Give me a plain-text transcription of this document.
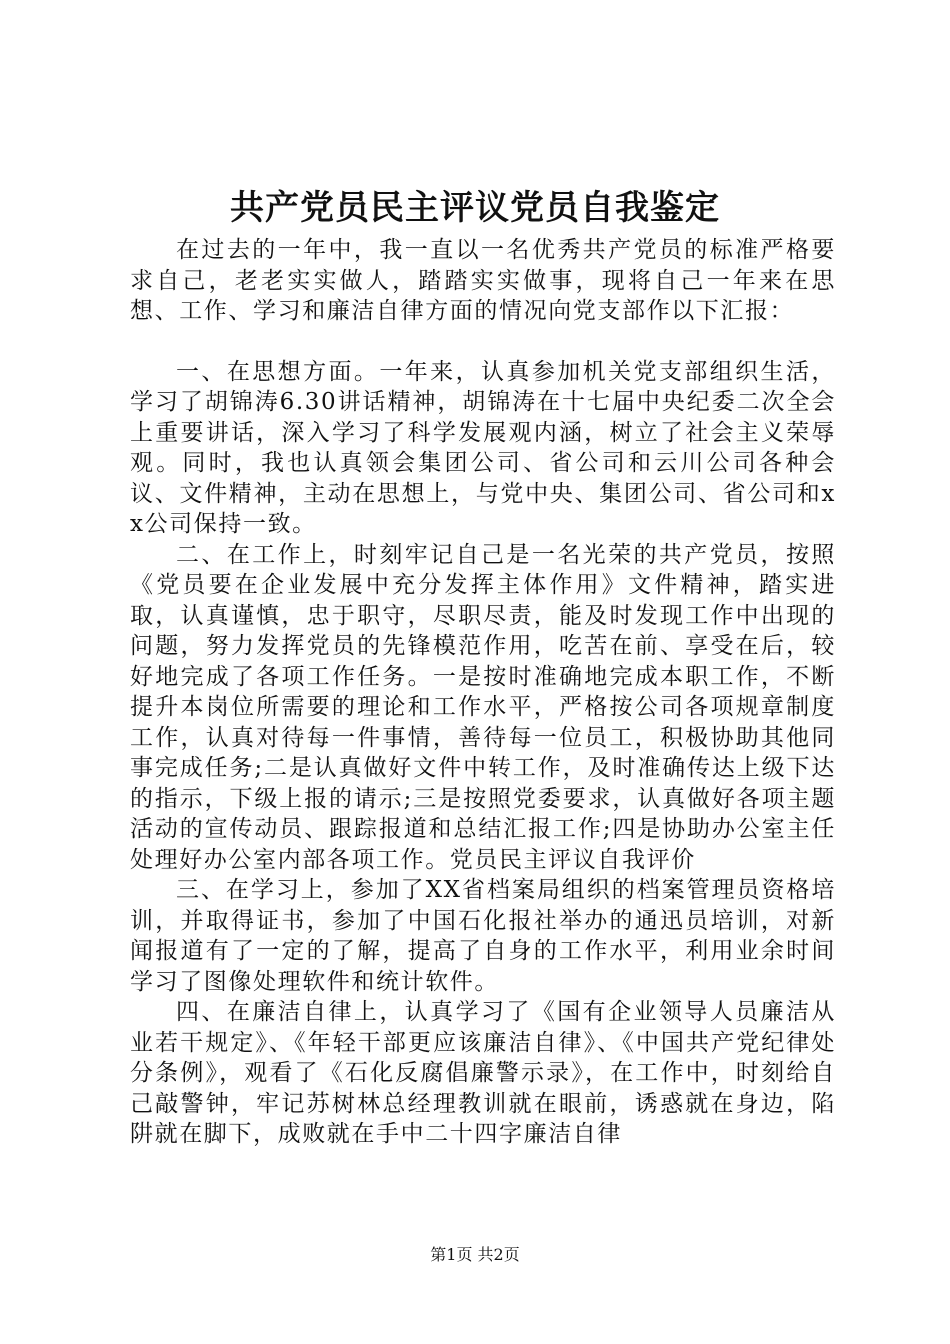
共产党员民主评议党员自我鉴定

在过去的一年中，我一直以一名优秀共产党员的标准严格要求自己，老老实实做人，踏踏实实做事，现将自己一年来在思想、工作、学习和廉洁自律方面的情况向党支部作以下汇报：

一、在思想方面。一年来，认真参加机关党支部组织生活，学习了胡锦涛6.30讲话精神，胡锦涛在十七届中央纪委二次全会上重要讲话，深入学习了科学发展观内涵，树立了社会主义荣辱观。同时，我也认真领会集团公司、省公司和云川公司各种会议、文件精神，主动在思想上，与党中央、集团公司、省公司和xx公司保持一致。

二、在工作上，时刻牢记自己是一名光荣的共产党员，按照《党员要在企业发展中充分发挥主体作用》文件精神，踏实进取，认真谨慎，忠于职守，尽职尽责，能及时发现工作中出现的问题，努力发挥党员的先锋模范作用，吃苦在前、享受在后，较好地完成了各项工作任务。一是按时准确地完成本职工作，不断提升本岗位所需要的理论和工作水平，严格按公司各项规章制度工作，认真对待每一件事情，善待每一位员工，积极协助其他同事完成任务;二是认真做好文件中转工作，及时准确传达上级下达的指示，下级上报的请示;三是按照党委要求，认真做好各项主题活动的宣传动员、跟踪报道和总结汇报工作;四是协助办公室主任处理好办公室内部各项工作。党员民主评议自我评价

三、在学习上，参加了XX省档案局组织的档案管理员资格培训，并取得证书，参加了中国石化报社举办的通迅员培训，对新闻报道有了一定的了解，提高了自身的工作水平，利用业余时间学习了图像处理软件和统计软件。

四、在廉洁自律上，认真学习了《国有企业领导人员廉洁从业若干规定》、《年轻干部更应该廉洁自律》、《中国共产党纪律处分条例》，观看了《石化反腐倡廉警示录》，在工作中，时刻给自己敲警钟，牢记苏树林总经理教训就在眼前，诱惑就在身边，陷阱就在脚下，成败就在手中二十四字廉洁自律

第1页 共2页
